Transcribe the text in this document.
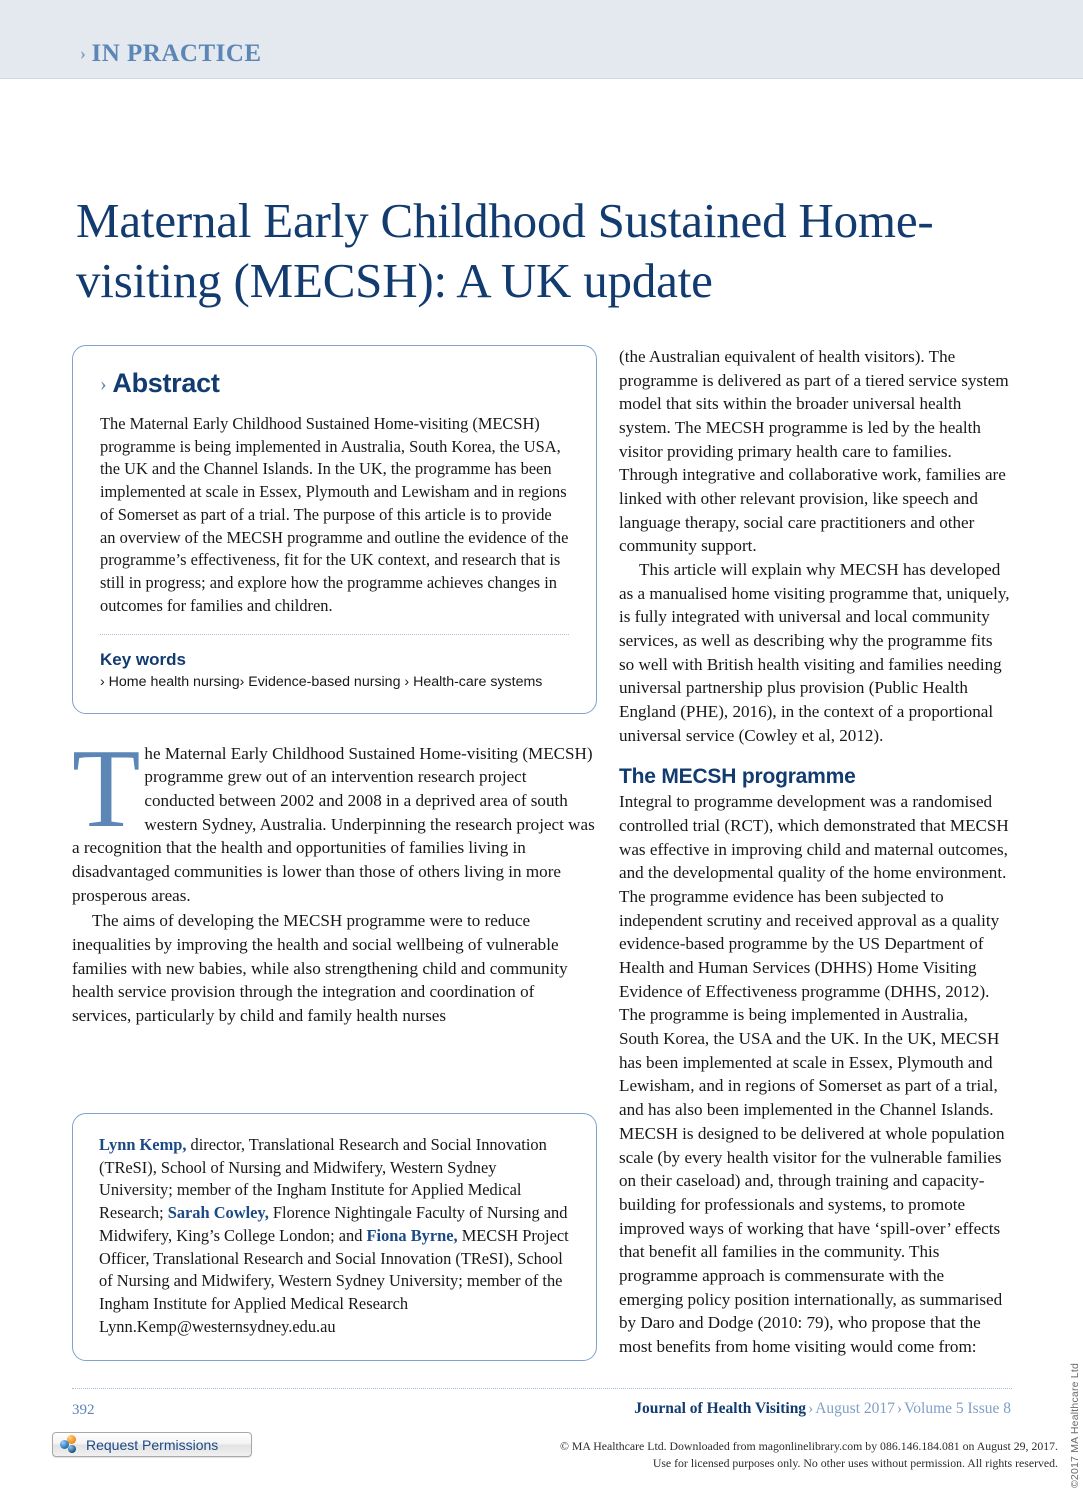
› IN PRACTICE
Maternal Early Childhood Sustained Home-visiting (MECSH): A UK update
› Abstract

The Maternal Early Childhood Sustained Home-visiting (MECSH) programme is being implemented in Australia, South Korea, the USA, the UK and the Channel Islands. In the UK, the programme has been implemented at scale in Essex, Plymouth and Lewisham and in regions of Somerset as part of a trial. The purpose of this article is to provide an overview of the MECSH programme and outline the evidence of the programme’s effectiveness, fit for the UK context, and research that is still in progress; and explore how the programme achieves changes in outcomes for families and children.

Key words
› Home health nursing› Evidence-based nursing › Health-care systems
T he Maternal Early Childhood Sustained Home-visiting (MECSH) programme grew out of an intervention research project conducted between 2002 and 2008 in a deprived area of south western Sydney, Australia. Underpinning the research project was a recognition that the health and opportunities of families living in disadvantaged communities is lower than those of others living in more prosperous areas.

The aims of developing the MECSH programme were to reduce inequalities by improving the health and social wellbeing of vulnerable families with new babies, while also strengthening child and community health service provision through the integration and coordination of services, particularly by child and family health nurses

Lynn Kemp, director, Translational Research and Social Innovation (TReSI), School of Nursing and Midwifery, Western Sydney University; member of the Ingham Institute for Applied Medical Research; Sarah Cowley, Florence Nightingale Faculty of Nursing and Midwifery, King’s College London; and Fiona Byrne, MECSH Project Officer, Translational Research and Social Innovation (TReSI), School of Nursing and Midwifery, Western Sydney University; member of the Ingham Institute for Applied Medical Research
Lynn.Kemp@westernsydney.edu.au

(the Australian equivalent of health visitors). The programme is delivered as part of a tiered service system model that sits within the broader universal health system. The MECSH programme is led by the health visitor providing primary health care to families. Through integrative and collaborative work, families are linked with other relevant provision, like speech and language therapy, social care practitioners and other community support.

This article will explain why MECSH has developed as a manualised home visiting programme that, uniquely, is fully integrated with universal and local community services, as well as describing why the programme fits so well with British health visiting and families needing universal partnership plus provision (Public Health England (PHE), 2016), in the context of a proportional universal service (Cowley et al, 2012).

The MECSH programme

Integral to programme development was a randomised controlled trial (RCT), which demonstrated that MECSH was effective in improving child and maternal outcomes, and the developmental quality of the home environment. The programme evidence has been subjected to independent scrutiny and received approval as a quality evidence-based programme by the US Department of Health and Human Services (DHHS) Home Visiting Evidence of Effectiveness programme (DHHS, 2012). The programme is being implemented in Australia, South Korea, the USA and the UK. In the UK, MECSH has been implemented at scale in Essex, Plymouth and Lewisham, and in regions of Somerset as part of a trial, and has also been implemented in the Channel Islands. MECSH is designed to be delivered at whole population scale (by every health visitor for the vulnerable families on their caseload) and, through training and capacity-building for professionals and systems, to promote improved ways of working that have ‘spill-over’ effects that benefit all families in the community. This programme approach is commensurate with the emerging policy position internationally, as summarised by Daro and Dodge (2010: 79), who propose that the most benefits from home visiting would come from:

©2017 MA Healthcare Ltd
392	Journal of Health Visiting › August 2017 › Volume 5 Issue 8
Request Permissions	© MA Healthcare Ltd. Downloaded from magonlinelibrary.com by 086.146.184.081 on August 29, 2017.
Use for licensed purposes only. No other uses without permission. All rights reserved.
